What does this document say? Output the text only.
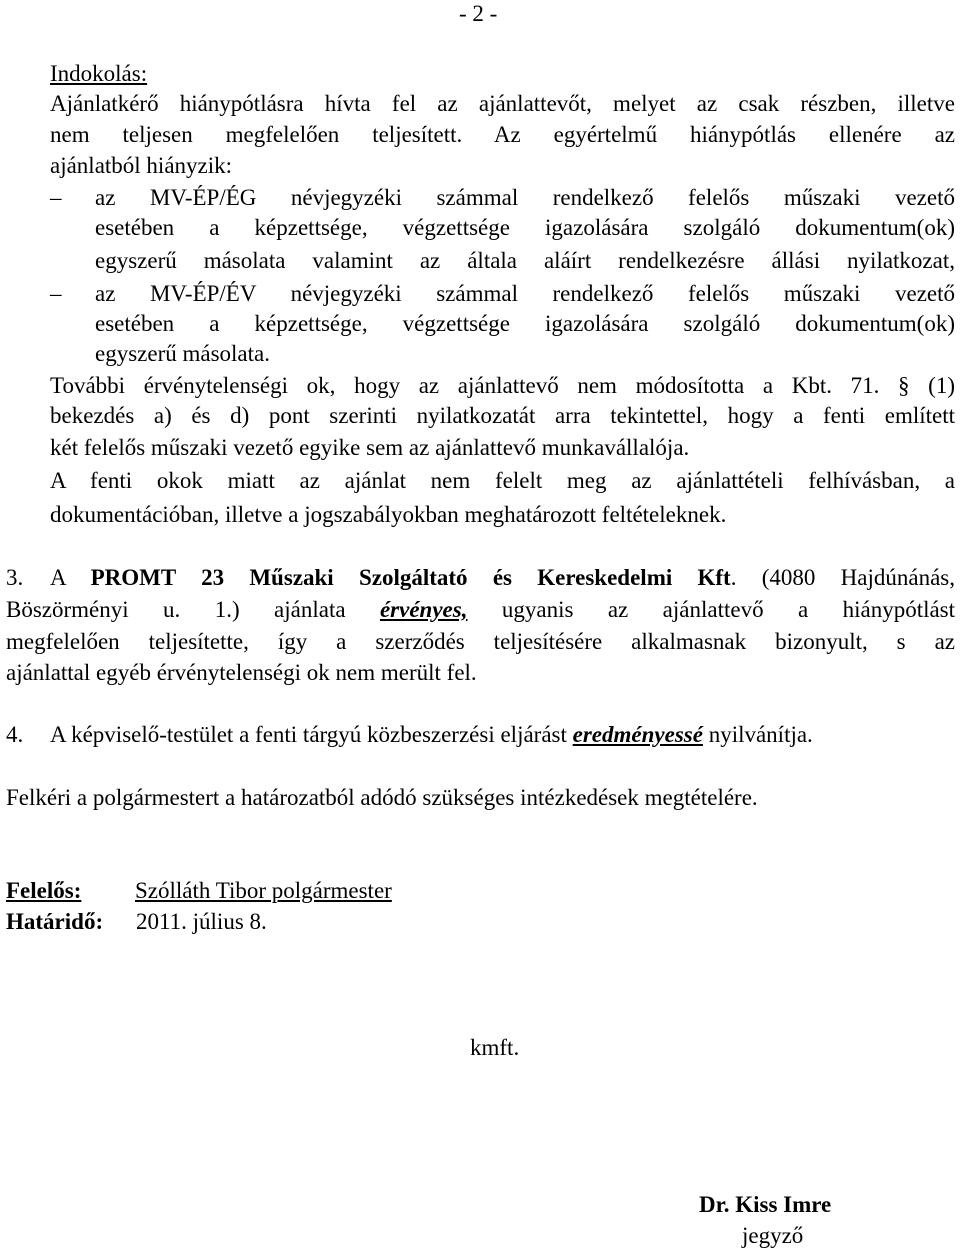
- 2 -
Indokolás:
Ajánlatkérő hiánypótlásra hívta fel az ajánlattevőt, melyet az csak részben, illetve
nem teljesen megfelelően teljesített. Az egyértelmű hiánypótlás ellenére az
ajánlatból hiányzik:
– az MV-ÉP/ÉG névjegyzéki számmal rendelkező felelős műszaki vezető
esetében a képzettsége, végzettsége igazolására szolgáló dokumentum(ok)
egyszerű másolata valamint az általa aláírt rendelkezésre állási nyilatkozat,
– az MV-ÉP/ÉV névjegyzéki számmal rendelkező felelős műszaki vezető
esetében a képzettsége, végzettsége igazolására szolgáló dokumentum(ok)
egyszerű másolata.
További érvénytelenségi ok, hogy az ajánlattevő nem módosította a Kbt. 71. § (1)
bekezdés a) és d) pont szerinti nyilatkozatát arra tekintettel, hogy a fenti említett
két felelős műszaki vezető egyike sem az ajánlattevő munkavállalója.
A fenti okok miatt az ajánlat nem felelt meg az ajánlattételi felhívásban, a
dokumentációban, illetve a jogszabályokban meghatározott feltételeknek.
3. A PROMT 23 Műszaki Szolgáltató és Kereskedelmi Kft. (4080 Hajdúnánás,
Böszörményi u. 1.) ajánlata érvényes, ugyanis az ajánlattevő a hiánypótlást
megfelelően teljesítette, így a szerződés teljesítésére alkalmasnak bizonyult, s az
ajánlattal egyéb érvénytelenségi ok nem merült fel.
4. A képviselő-testület a fenti tárgyú közbeszerzési eljárást eredményessé nyilvánítja.
Felkéri a polgármestert a határozatból adódó szükséges intézkedések megtételére.
Felelős: Szólláth Tibor polgármester
Határidő: 2011. július 8.
kmft.
Dr. Kiss Imre
jegyző
